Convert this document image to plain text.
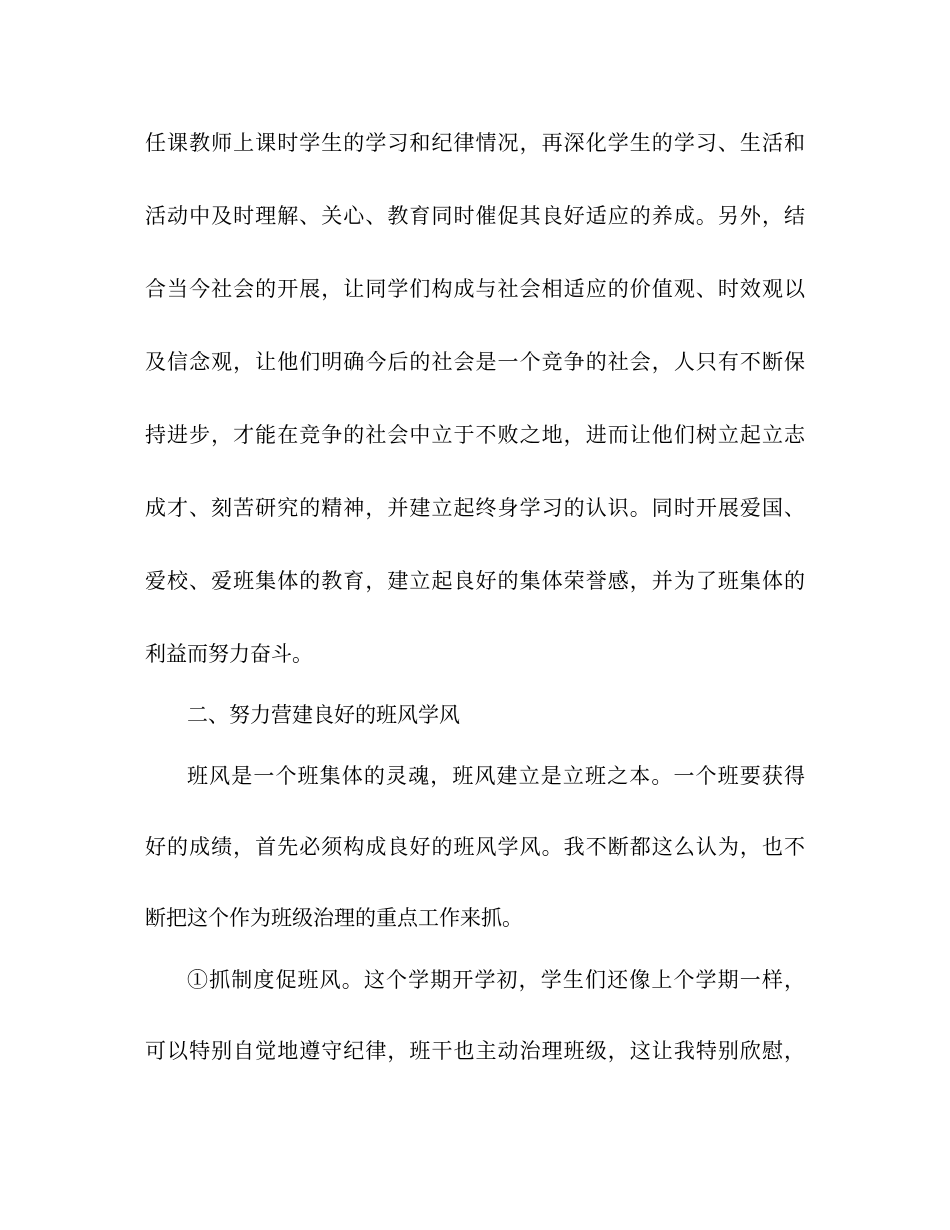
任课教师上课时学生的学习和纪律情况，再深化学生的学习、生活和
活动中及时理解、关心、教育同时催促其良好适应的养成。另外，结
合当今社会的开展，让同学们构成与社会相适应的价值观、时效观以
及信念观，让他们明确今后的社会是一个竞争的社会，人只有不断保
持进步，才能在竞争的社会中立于不败之地，进而让他们树立起立志
成才、刻苦研究的精神，并建立起终身学习的认识。同时开展爱国、
爱校、爱班集体的教育，建立起良好的集体荣誉感，并为了班集体的
利益而努力奋斗。
二、努力营建良好的班风学风
班风是一个班集体的灵魂，班风建立是立班之本。一个班要获得
好的成绩，首先必须构成良好的班风学风。我不断都这么认为，也不
断把这个作为班级治理的重点工作来抓。
①抓制度促班风。这个学期开学初，学生们还像上个学期一样，
可以特别自觉地遵守纪律，班干也主动治理班级，这让我特别欣慰，
